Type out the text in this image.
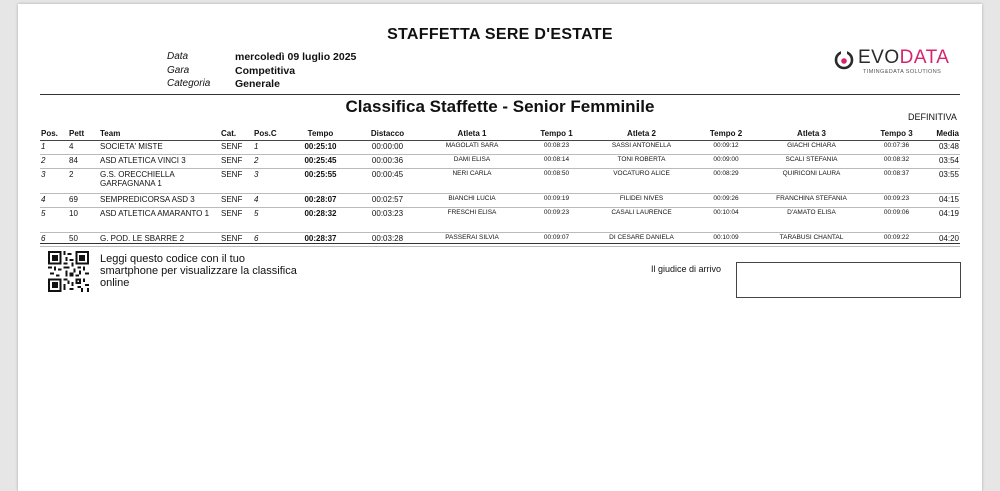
STAFFETTA SERE D'ESTATE
Data	mercoledì 09 luglio 2025
Gara	Competitiva
Categoria	Generale
EVODATA
TIMING&DATA SOLUTIONS
Classifica Staffette - Senior Femminile
DEFINITIVA
Pos.	Pett	Team	Cat.	Pos.C	Tempo	Distacco	Atleta 1	Tempo 1	Atleta 2	Tempo 2	Atleta 3	Tempo 3	Media
1	4	SOCIETA' MISTE	SENF	1	00:25:10	00:00:00	MAGOLATI SARA	00:08:23	SASSI ANTONELLA	00:09:12	GIACHI CHIARA	00:07:36	03:48
2	84	ASD ATLETICA VINCI 3	SENF	2	00:25:45	00:00:36	DAMI ELISA	00:08:14	TONI ROBERTA	00:09:00	SCALI STEFANIA	00:08:32	03:54
3	2	G.S. ORECCHIELLA GARFAGNANA 1	SENF	3	00:25:55	00:00:45	NERI CARLA	00:08:50	VOCATURO ALICE	00:08:29	QUIRICONI LAURA	00:08:37	03:55
4	69	SEMPREDICORSA ASD 3	SENF	4	00:28:07	00:02:57	BIANCHI LUCIA	00:09:19	FILIDEI NIVES	00:09:26	FRANCHINA STEFANIA	00:09:23	04:15
5	10	ASD ATLETICA AMARANTO 1	SENF	5	00:28:32	00:03:23	FRESCHI ELISA	00:09:23	CASALI LAURENCE	00:10:04	D'AMATO ELISA	00:09:06	04:19
6	50	G. POD. LE SBARRE 2	SENF	6	00:28:37	00:03:28	PASSERAI SILVIA	00:09:07	DI CESARE DANIELA	00:10:09	TARABUSI CHANTAL	00:09:22	04:20
Leggi questo codice con il tuo smartphone per visualizzare la classifica online
Il giudice di arrivo
